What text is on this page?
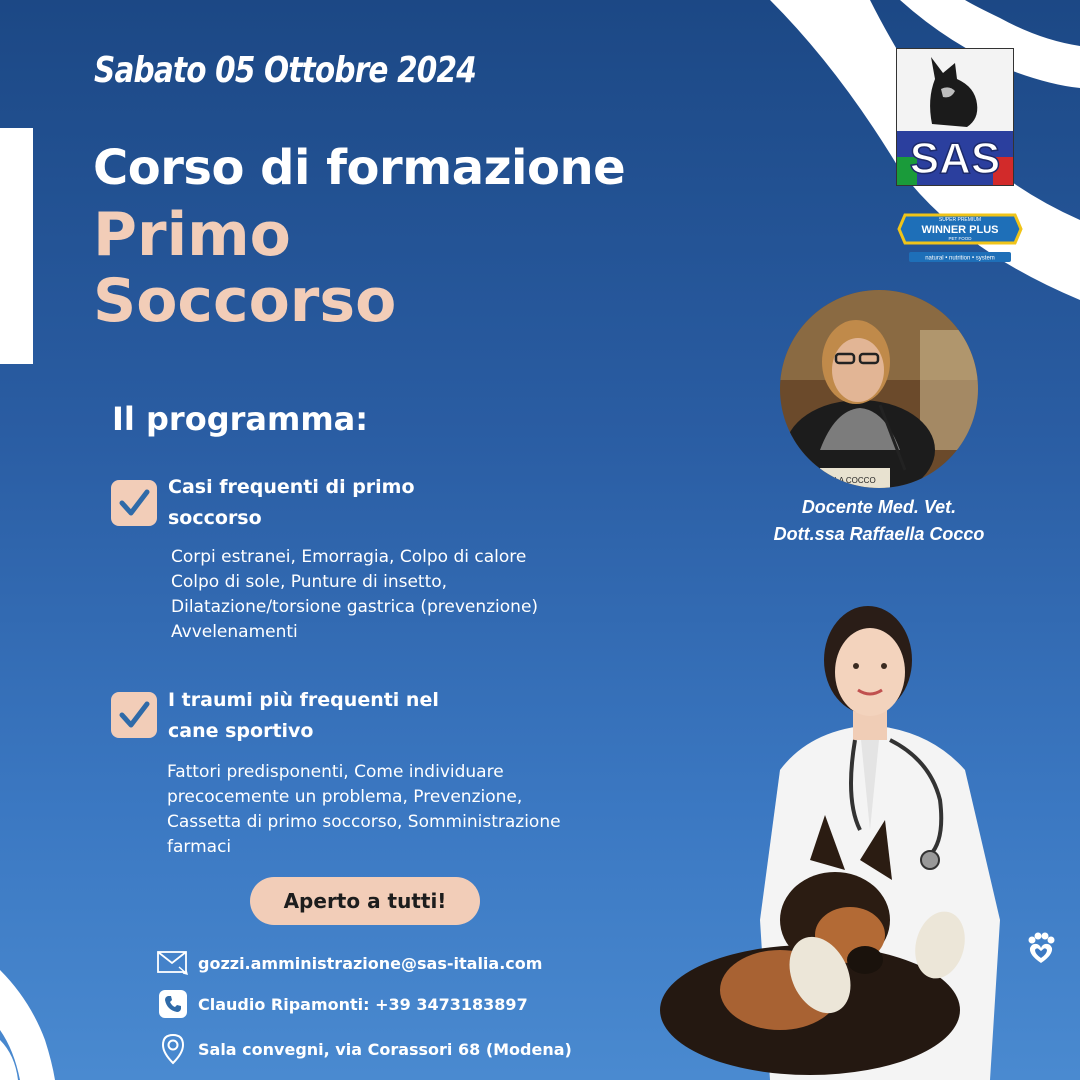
Sabato 05 Ottobre 2024
Corso di formazione
Primo
Soccorso
Il programma:
Casi frequenti di primo
soccorso
Corpi estranei, Emorragia, Colpo di calore
Colpo di sole, Punture di insetto,
Dilatazione/torsione gastrica (prevenzione)
Avvelenamenti
I traumi più frequenti nel
cane sportivo
Fattori predisponenti, Come individuare
precocemente un problema, Prevenzione,
Cassetta di primo soccorso, Somministrazione
farmaci
Aperto a tutti!
gozzi.amministrazione@sas-italia.com
Claudio Ripamonti: +39 3473183897
Sala convegni, via Corassori 68 (Modena)
SAS
SUPER PREMIUM
WINNER PLUS
PET FOOD
natural • nutrition • system
LA COCCO
Docente Med. Vet.
Dott.ssa Raffaella Cocco
